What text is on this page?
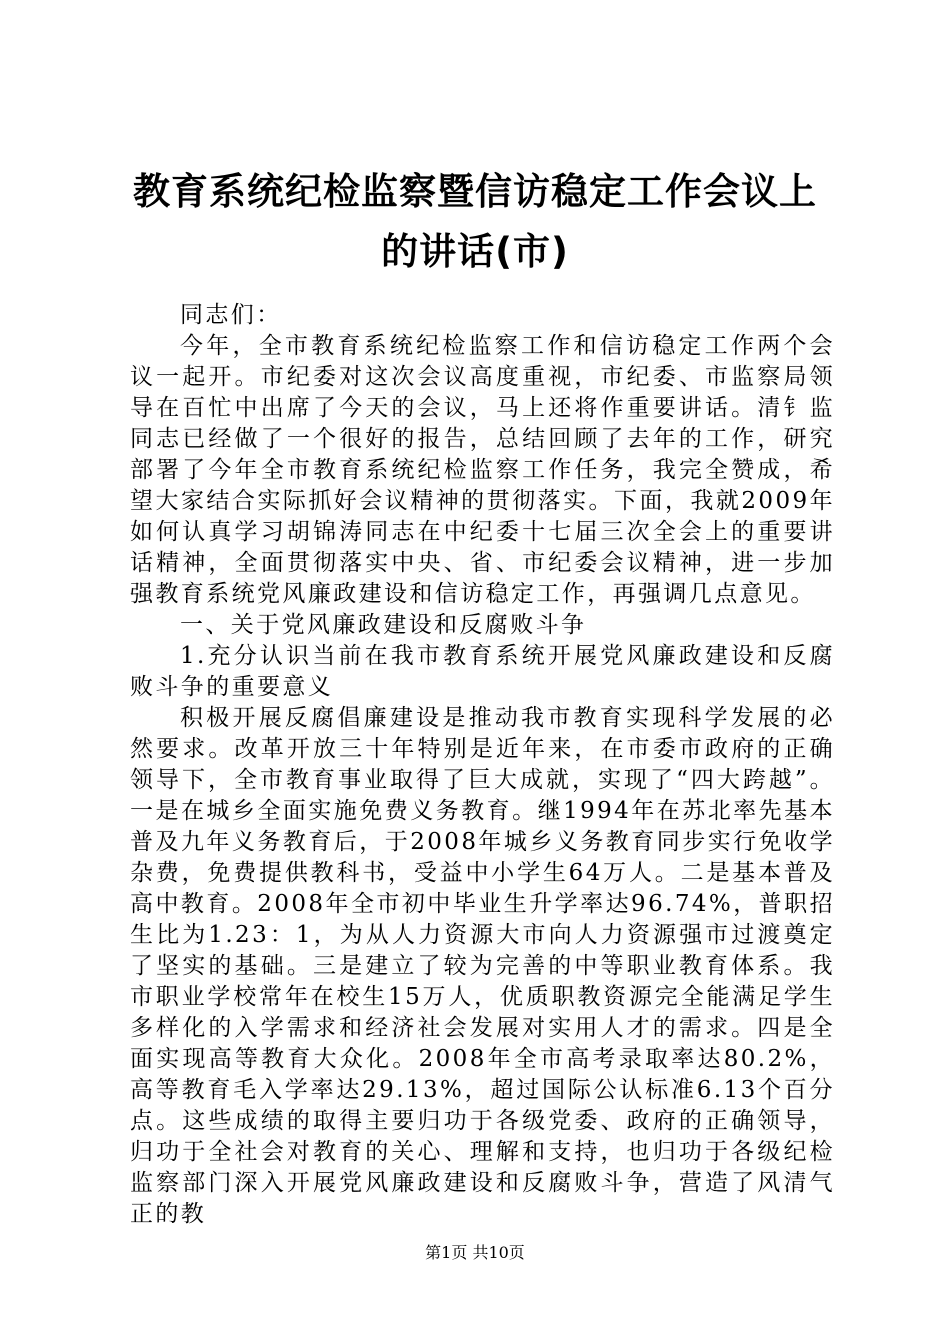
教育系统纪检监察暨信访稳定工作会议上的讲话(市)

同志们：

今年，全市教育系统纪检监察工作和信访稳定工作两个会议一起开。市纪委对这次会议高度重视，市纪委、市监察局领导在百忙中出席了今天的会议，马上还将作重要讲话。清钅监同志已经做了一个很好的报告，总结回顾了去年的工作，研究部署了今年全市教育系统纪检监察工作任务，我完全赞成，希望大家结合实际抓好会议精神的贯彻落实。下面，我就2009年如何认真学习胡锦涛同志在中纪委十七届三次全会上的重要讲话精神，全面贯彻落实中央、省、市纪委会议精神，进一步加强教育系统党风廉政建设和信访稳定工作，再强调几点意见。

一、关于党风廉政建设和反腐败斗争

1.充分认识当前在我市教育系统开展党风廉政建设和反腐败斗争的重要意义

积极开展反腐倡廉建设是推动我市教育实现科学发展的必然要求。改革开放三十年特别是近年来，在市委市政府的正确领导下，全市教育事业取得了巨大成就，实现了“四大跨越”。一是在城乡全面实施免费义务教育。继1994年在苏北率先基本普及九年义务教育后，于2008年城乡义务教育同步实行免收学杂费，免费提供教科书，受益中小学生64万人。二是基本普及高中教育。2008年全市初中毕业生升学率达96.74%，普职招生比为1.23：1，为从人力资源大市向人力资源强市过渡奠定了坚实的基础。三是建立了较为完善的中等职业教育体系。我市职业学校常年在校生15万人，优质职教资源完全能满足学生多样化的入学需求和经济社会发展对实用人才的需求。四是全面实现高等教育大众化。2008年全市高考录取率达80.2%，高等教育毛入学率达29.13%，超过国际公认标准6.13个百分点。这些成绩的取得主要归功于各级党委、政府的正确领导，归功于全社会对教育的关心、理解和支持，也归功于各级纪检监察部门深入开展党风廉政建设和反腐败斗争，营造了风清气正的教

第1页 共10页
